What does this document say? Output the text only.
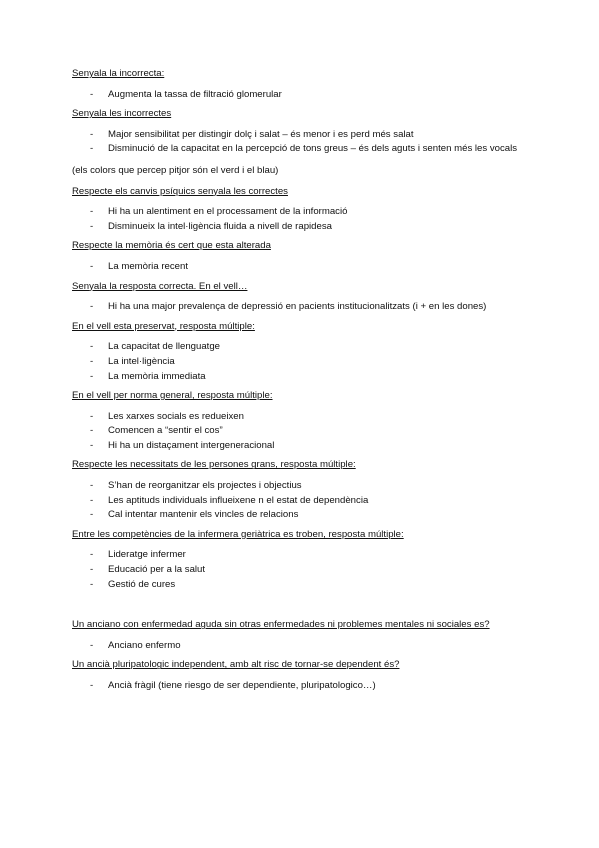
Senyala la incorrecta:
- Augmenta la tassa de filtració glomerular
Senyala les incorrectes
- Major sensibilitat per distingir dolç i salat – és menor i es perd més salat
- Disminució de la capacitat en la percepció de tons greus – és dels aguts i senten més les vocals
(els colors que percep pitjor són el verd i el blau)
Respecte els canvis psíquics senyala les correctes
- Hi ha un alentiment en el processament de la informació
- Disminueix la intel·ligència fluida a nivell de rapidesa
Respecte la memòria és cert que esta alterada
- La memòria recent
Senyala la resposta correcta. En el vell…
- Hi ha una major prevalença de depressió en pacients institucionalitzats (i + en les dones)
En el vell esta preservat, resposta múltiple:
- La capacitat de llenguatge
- La intel·ligència
- La memòria immediata
En el vell per norma general, resposta múltiple:
- Les xarxes socials es redueixen
- Comencen a “sentir el cos”
- Hi ha un distaçament intergeneracional
Respecte les necessitats de les persones grans, resposta múltiple:
- S’han de reorganitzar els projectes i objectius
- Les aptituds individuals influeixene n el estat de dependència
- Cal intentar mantenir els vincles de relacions
Entre les competències de la infermera geriàtrica es troben, resposta múltiple:
- Lideratge infermer
- Educació per a la salut
- Gestió de cures
Un anciano con enfermedad aguda sin otras enfermedades ni problemes mentales ni sociales es?
- Anciano enfermo
Un ancià pluripatologic independent, amb alt risc de tornar-se dependent és?
- Ancià fràgil (tiene riesgo de ser dependiente, pluripatologico…)
